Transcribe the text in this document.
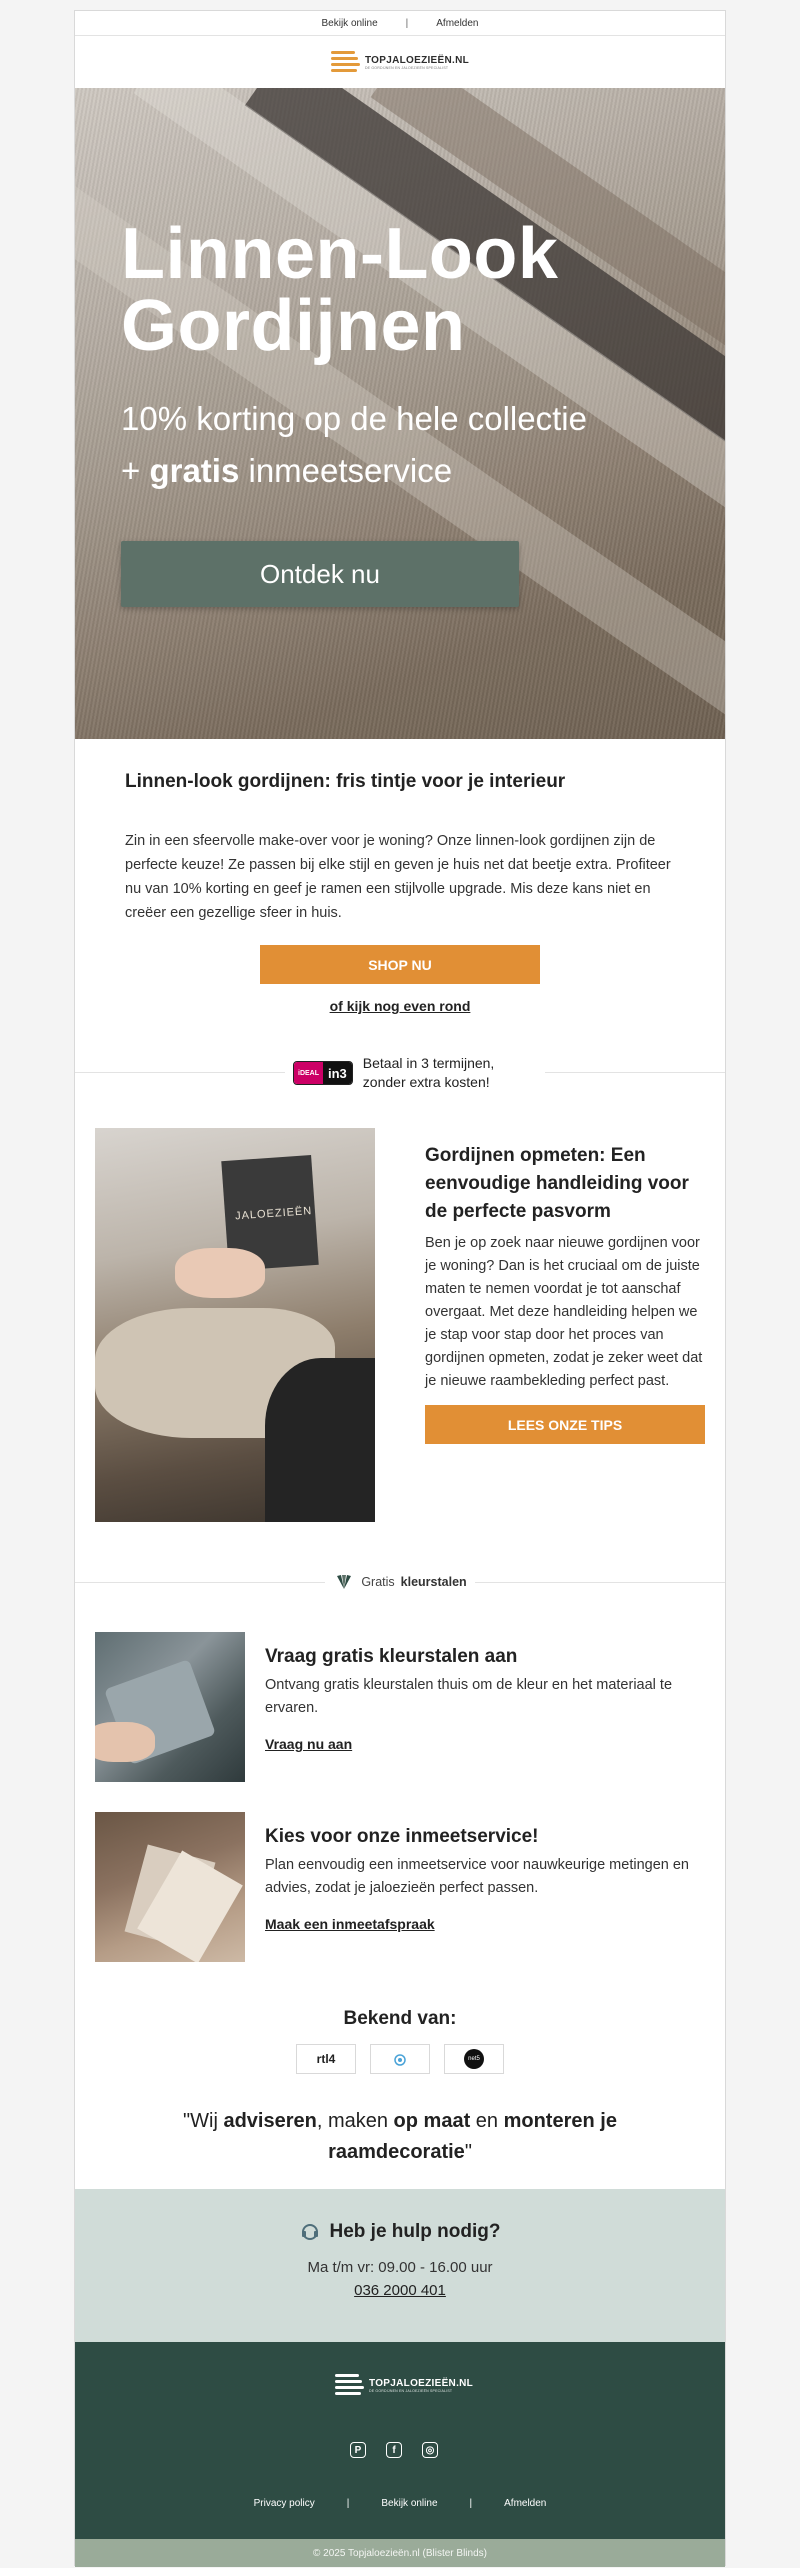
Bekijk online	|	Afmelden
TOPJALOEZIEËN.NL
DE GORDIJNEN EN JALOEZIEËN SPECIALIST
Linnen-Look
Gordijnen
10% korting op de hele collectie
+ gratis inmeetservice
Ontdek nu
Linnen-look gordijnen: fris tintje voor je interieur

Zin in een sfeervolle make-over voor je woning? Onze linnen-look gordijnen zijn de perfecte keuze! Ze passen bij elke stijl en geven je huis net dat beetje extra. Profiteer nu van 10% korting en geef je ramen een stijlvolle upgrade. Mis deze kans niet en creëer een gezellige sfeer in huis.

SHOP NU
of kijk nog even rond
iDEAL in3
Betaal in 3 termijnen,
zonder extra kosten!
JALOEZIEËN
Gordijnen opmeten: Een eenvoudige handleiding voor de perfecte pasvorm

Ben je op zoek naar nieuwe gordijnen voor je woning? Dan is het cruciaal om de juiste maten te nemen voordat je tot aanschaf overgaat. Met deze handleiding helpen we je stap voor stap door het proces van gordijnen opmeten, zodat je zeker weet dat je nieuwe raambekleding perfect past.

LEES ONZE TIPS
Gratis kleurstalen
Vraag gratis kleurstalen aan

Ontvang gratis kleurstalen thuis om de kleur en het materiaal te ervaren.

Vraag nu aan
Kies voor onze inmeetservice!

Plan eenvoudig een inmeetservice voor nauwkeurige metingen en advies, zodat je jaloezieën perfect passen.

Maak een inmeetafspraak
Bekend van:
rtl4	net5
"Wij adviseren, maken op maat en monteren je raamdecoratie"
Heb je hulp nodig?
Ma t/m vr: 09.00 - 16.00 uur
036 2000 401
TOPJALOEZIEËN.NL
DE GORDIJNEN EN JALOEZIEËN SPECIALIST
P	f	◎
Privacy policy	|	Bekijk online	|	Afmelden
© 2025 Topjaloezieën.nl (Blister Blinds)
